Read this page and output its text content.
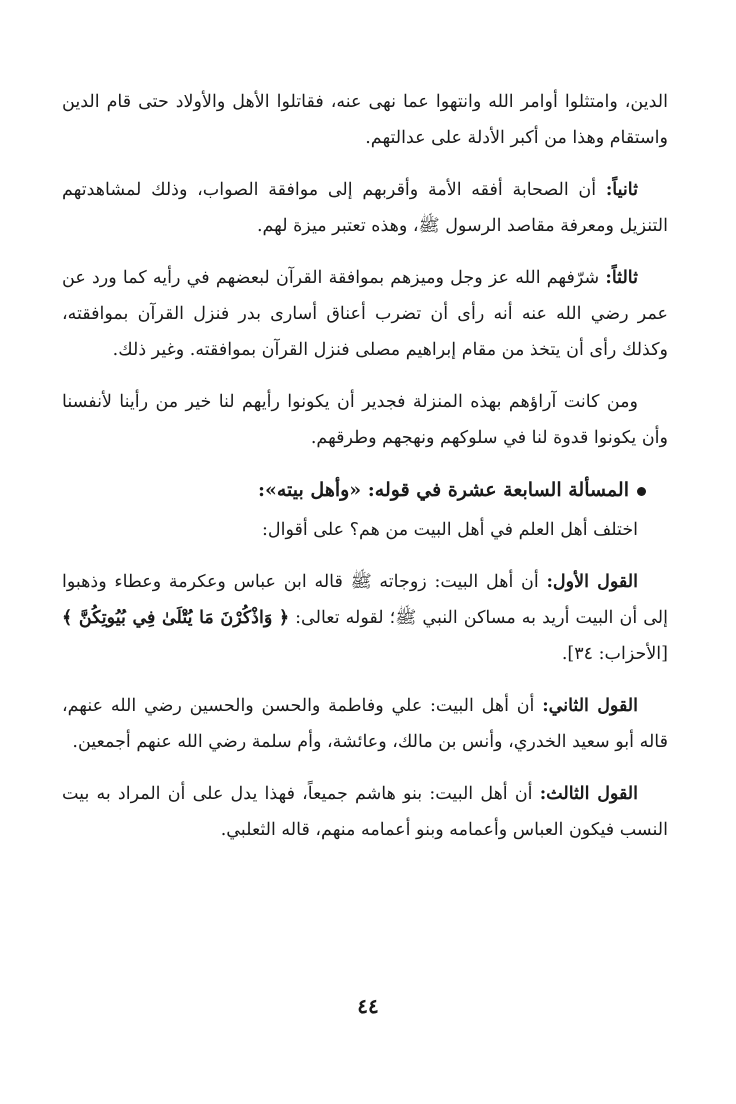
الدين، وامتثلوا أوامر الله وانتهوا عما نهى عنه، فقاتلوا الأهل والأولاد حتى قام الدين واستقام وهذا من أكبر الأدلة على عدالتهم.

ثانياً: أن الصحابة أفقه الأمة وأقربهم إلى موافقة الصواب، وذلك لمشاهدتهم التنزيل ومعرفة مقاصد الرسول ﷺ، وهذه تعتبر ميزة لهم.

ثالثاً: شرّفهم الله عز وجل وميزهم بموافقة القرآن لبعضهم في رأيه كما ورد عن عمر رضي الله عنه أنه رأى أن تضرب أعناق أسارى بدر فنزل القرآن بموافقته، وكذلك رأى أن يتخذ من مقام إبراهيم مصلى فنزل القرآن بموافقته. وغير ذلك.

ومن كانت آراؤهم بهذه المنزلة فجدير أن يكونوا رأيهم لنا خير من رأينا لأنفسنا وأن يكونوا قدوة لنا في سلوكهم ونهجهم وطرقهم.

المسألة السابعة عشرة في قوله: «وأهل بيته»:

اختلف أهل العلم في أهل البيت من هم؟ على أقوال:

القول الأول: أن أهل البيت: زوجاته ﷺ قاله ابن عباس وعكرمة وعطاء وذهبوا إلى أن البيت أريد به مساكن النبي ﷺ؛ لقوله تعالى: ﴿ وَاذْكُرْنَ مَا يُتْلَىٰ فِي بُيُوتِكُنَّ ﴾ [الأحزاب: ٣٤].

القول الثاني: أن أهل البيت: علي وفاطمة والحسن والحسين رضي الله عنهم، قاله أبو سعيد الخدري، وأنس بن مالك، وعائشة، وأم سلمة رضي الله عنهم أجمعين.

القول الثالث: أن أهل البيت: بنو هاشم جميعاً، فهذا يدل على أن المراد به بيت النسب فيكون العباس وأعمامه وبنو أعمامه منهم، قاله الثعلبي.

٤٤
